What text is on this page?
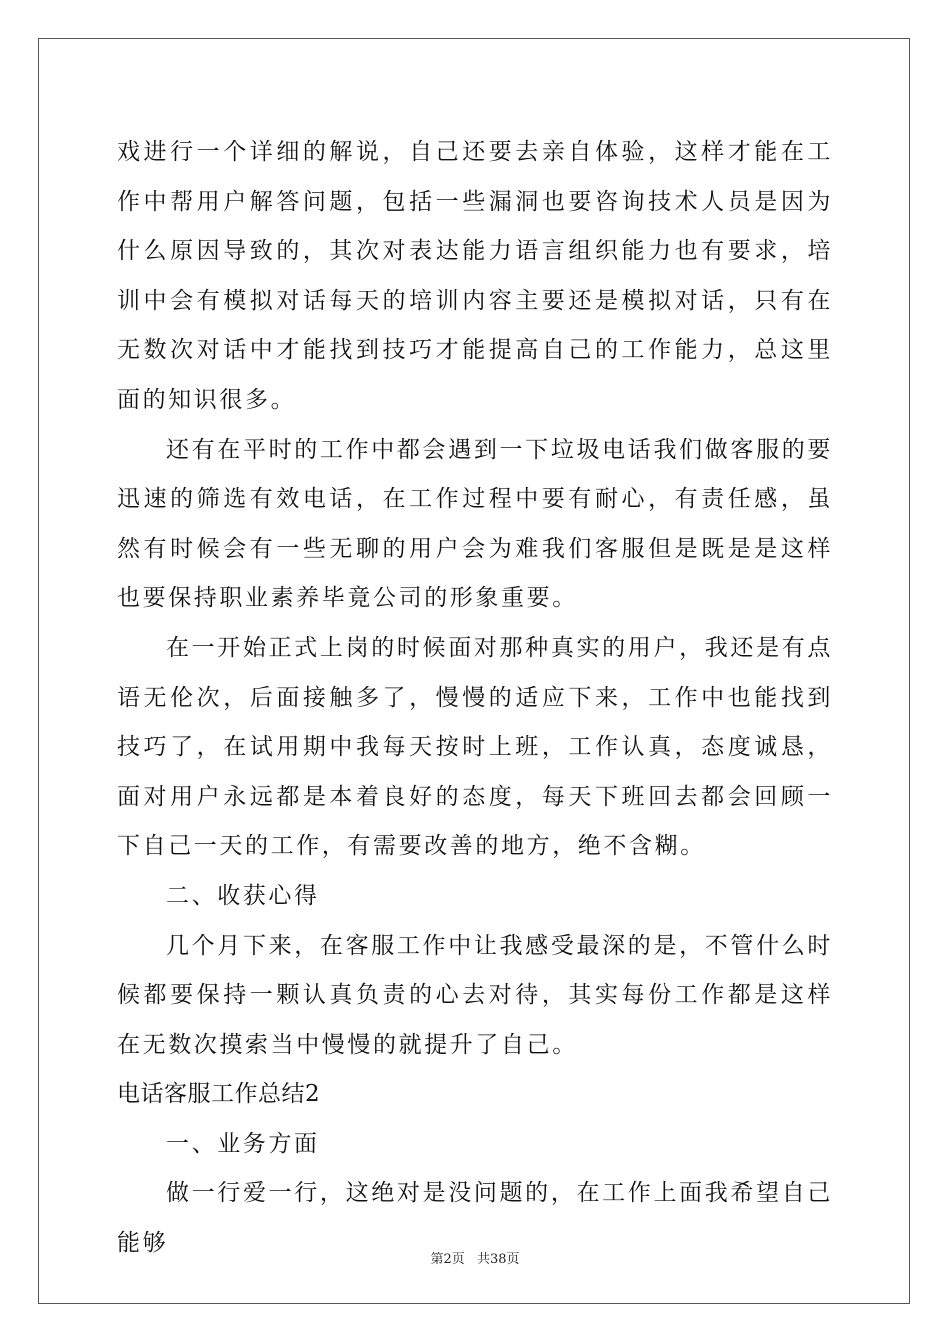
戏进行一个详细的解说，自己还要去亲自体验，这样才能在工作中帮用户解答问题，包括一些漏洞也要咨询技术人员是因为什么原因导致的，其次对表达能力语言组织能力也有要求，培训中会有模拟对话每天的培训内容主要还是模拟对话，只有在无数次对话中才能找到技巧才能提高自己的工作能力，总这里面的知识很多。

还有在平时的工作中都会遇到一下垃圾电话我们做客服的要迅速的筛选有效电话，在工作过程中要有耐心，有责任感，虽然有时候会有一些无聊的用户会为难我们客服但是既是是这样也要保持职业素养毕竟公司的形象重要。

在一开始正式上岗的时候面对那种真实的用户，我还是有点语无伦次，后面接触多了，慢慢的适应下来，工作中也能找到技巧了，在试用期中我每天按时上班，工作认真，态度诚恳，面对用户永远都是本着良好的态度，每天下班回去都会回顾一下自己一天的工作，有需要改善的地方，绝不含糊。

二、收获心得

几个月下来，在客服工作中让我感受最深的是，不管什么时候都要保持一颗认真负责的心去对待，其实每份工作都是这样在无数次摸索当中慢慢的就提升了自己。

电话客服工作总结2

一、业务方面

做一行爱一行，这绝对是没问题的，在工作上面我希望自己能够

第2页 共38页
